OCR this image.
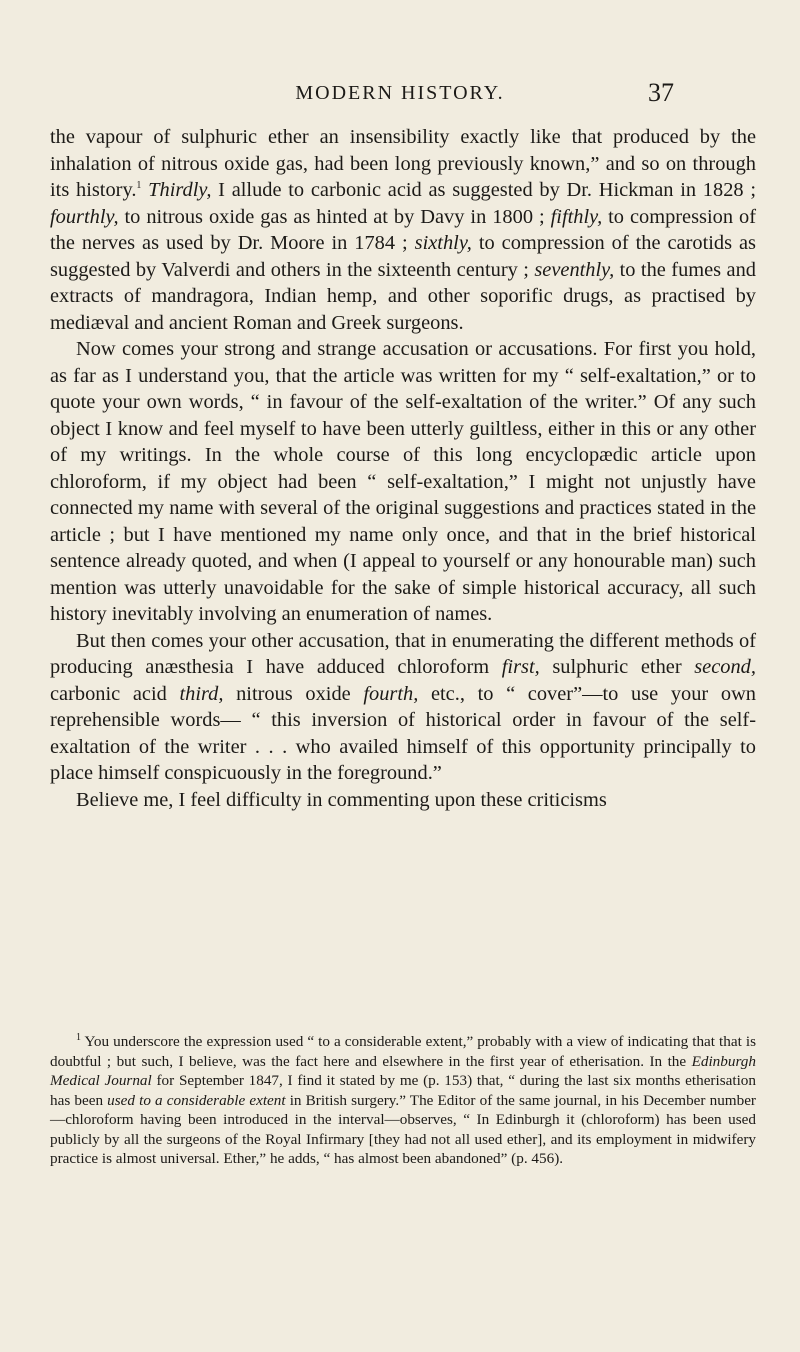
MODERN HISTORY.	37

the vapour of sulphuric ether an insensibility exactly like that produced by the inhalation of nitrous oxide gas, had been long previously known,” and so on through its history.$^1$ Thirdly, I allude to carbonic acid as suggested by Dr. Hickman in 1828 ; fourthly, to nitrous oxide gas as hinted at by Davy in 1800 ; fifthly, to compression of the nerves as used by Dr. Moore in 1784 ; sixthly, to compression of the carotids as suggested by Valverdi and others in the sixteenth century ; seventhly, to the fumes and extracts of mandragora, Indian hemp, and other soporific drugs, as practised by mediæval and ancient Roman and Greek surgeons.

Now comes your strong and strange accusation or accusations. For first you hold, as far as I understand you, that the article was written for my “ self-exaltation,” or to quote your own words, “ in favour of the self-exaltation of the writer.” Of any such object I know and feel myself to have been utterly guiltless, either in this or any other of my writings. In the whole course of this long encyclopædic article upon chloroform, if my object had been “ self-exaltation,” I might not unjustly have connected my name with several of the original suggestions and practices stated in the article ; but I have mentioned my name only once, and that in the brief historical sentence already quoted, and when (I appeal to yourself or any honourable man) such mention was utterly unavoidable for the sake of simple historical accuracy, all such history inevitably involving an enumeration of names.

But then comes your other accusation, that in enumerating the different methods of producing anæsthesia I have adduced chloroform first, sulphuric ether second, carbonic acid third, nitrous oxide fourth, etc., to “ cover”—to use your own reprehensible words— “ this inversion of historical order in favour of the self-exaltation of the writer . . . who availed himself of this opportunity principally to place himself conspicuously in the foreground.”

Believe me, I feel difficulty in commenting upon these criticisms

$^1$ You underscore the expression used “ to a considerable extent,” probably with a view of indicating that that is doubtful ; but such, I believe, was the fact here and elsewhere in the first year of etherisation. In the Edinburgh Medical Journal for September 1847, I find it stated by me (p. 153) that, “ during the last six months etherisation has been used to a considerable extent in British surgery.” The Editor of the same journal, in his December number—chloroform having been introduced in the interval—observes, “ In Edinburgh it (chloroform) has been used publicly by all the surgeons of the Royal Infirmary [they had not all used ether], and its employment in midwifery practice is almost universal. Ether,” he adds, “ has almost been abandoned” (p. 456).
